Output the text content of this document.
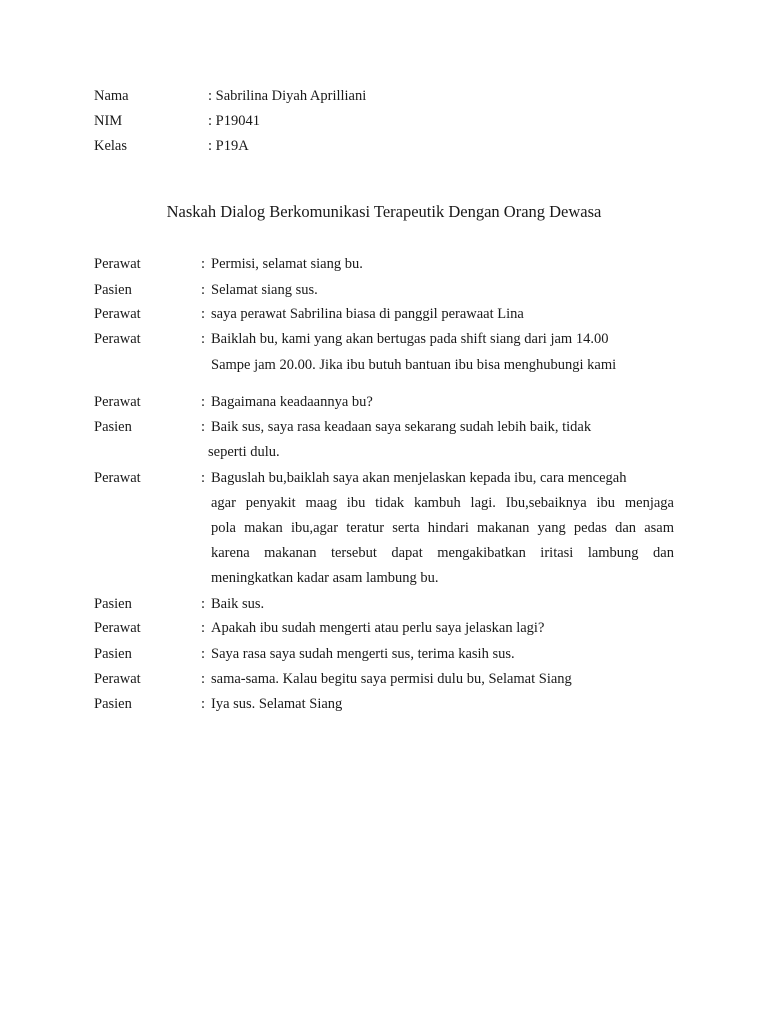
Nama	: Sabrilina Diyah Aprilliani
NIM	: P19041
Kelas	: P19A
Naskah Dialog Berkomunikasi Terapeutik Dengan Orang Dewasa
Perawat	: Permisi, selamat siang bu.
Pasien	: Selamat siang sus.
Perawat	: saya perawat Sabrilina biasa di panggil perawaat Lina
Perawat	: Baiklah bu, kami yang akan bertugas pada shift siang dari jam 14.00
Sampe jam 20.00. Jika ibu butuh bantuan ibu bisa menghubungi kami
Perawat	: Bagaimana keadaannya bu?
Pasien	: Baik sus, saya rasa keadaan saya sekarang sudah lebih baik, tidak
seperti dulu.
Perawat	: Baguslah bu,baiklah saya akan menjelaskan kepada ibu, cara mencegah
agar penyakit maag ibu tidak kambuh lagi. Ibu,sebaiknya ibu menjaga
pola makan ibu,agar teratur serta hindari makanan yang pedas dan asam
karena makanan tersebut dapat mengakibatkan iritasi lambung dan
meningkatkan kadar asam lambung bu.
Pasien	: Baik sus.
Perawat	: Apakah ibu sudah mengerti atau perlu saya jelaskan lagi?
Pasien	: Saya rasa saya sudah mengerti sus, terima kasih sus.
Perawat	: sama-sama. Kalau begitu saya permisi dulu bu, Selamat Siang
Pasien	: Iya sus. Selamat Siang
